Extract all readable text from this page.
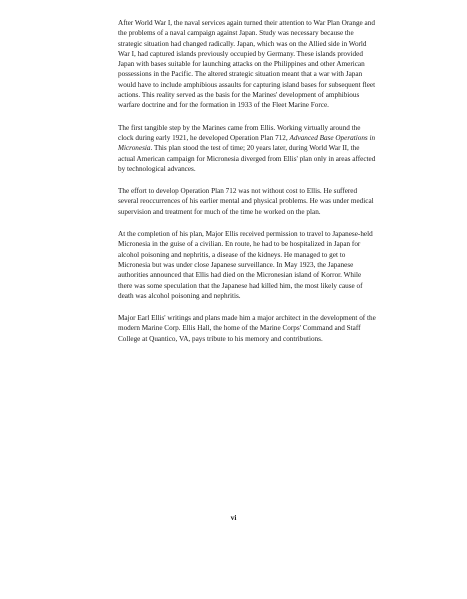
After World War I, the naval services again turned their attention to War Plan Orange and the problems of a naval campaign against Japan. Study was necessary because the strategic situation had changed radically. Japan, which was on the Allied side in World War I, had captured islands previously occupied by Germany. These islands provided Japan with bases suitable for launching attacks on the Philippines and other American possessions in the Pacific. The altered strategic situation meant that a war with Japan would have to include amphibious assaults for capturing island bases for subsequent fleet actions. This reality served as the basis for the Marines' development of amphibious warfare doctrine and for the formation in 1933 of the Fleet Marine Force.

The first tangible step by the Marines came from Ellis. Working virtually around the clock during early 1921, he developed Operation Plan 712, Advanced Base Operations in Micronesia. This plan stood the test of time; 20 years later, during World War II, the actual American campaign for Micronesia diverged from Ellis' plan only in areas affected by technological advances.

The effort to develop Operation Plan 712 was not without cost to Ellis. He suffered several reoccurrences of his earlier mental and physical problems. He was under medical supervision and treatment for much of the time he worked on the plan.

At the completion of his plan, Major Ellis received permission to travel to Japanese-held Micronesia in the guise of a civilian. En route, he had to be hospitalized in Japan for alcohol poisoning and nephritis, a disease of the kidneys. He managed to get to Micronesia but was under close Japanese surveillance. In May 1923, the Japanese authorities announced that Ellis had died on the Micronesian island of Korror. While there was some speculation that the Japanese had killed him, the most likely cause of death was alcohol poisoning and nephritis.

Major Earl Ellis' writings and plans made him a major architect in the development of the modern Marine Corp. Ellis Hall, the home of the Marine Corps' Command and Staff College at Quantico, VA, pays tribute to his memory and contributions.

vi
